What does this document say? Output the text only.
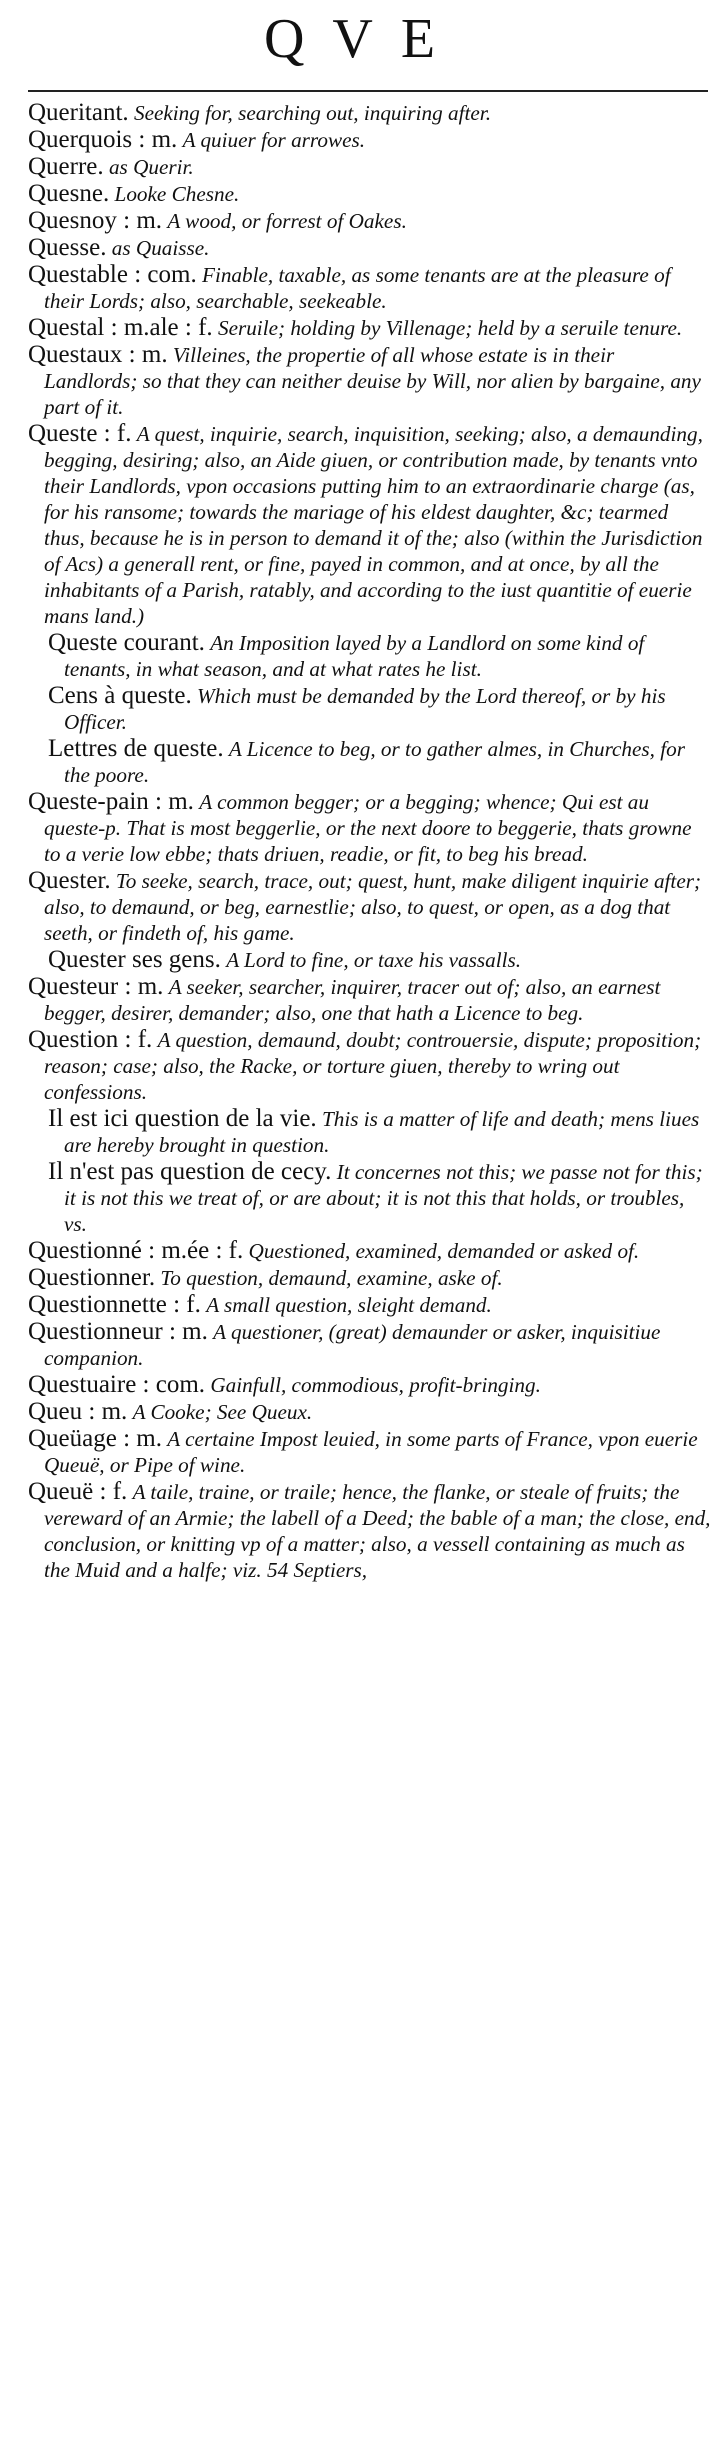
QVE

Queritant. Seeking for, searching out, inquiring after.

Querquois : m. A quiuer for arrowes.

Querre. as Querir.

Quesne. Looke Chesne.

Quesnoy : m. A wood, or forrest of Oakes.

Quesse. as Quaisse.

Questable : com. Finable, taxable, as some tenants are at the pleasure of their Lords; also, searchable, seekeable.

Questal : m.ale : f. Seruile; holding by Villenage; held by a seruile tenure.

Questaux : m. Villeines, the propertie of all whose estate is in their Landlords; so that they can neither deuise by Will, nor alien by bargaine, any part of it.

Queste : f. A quest, inquirie, search, inquisition, seeking; also, a demaunding, begging, desiring; also, an Aide giuen, or contribution made, by tenants vnto their Landlords, vpon occasions putting him to an extraordinarie charge (as, for his ransome; towards the mariage of his eldest daughter, &c; tearmed thus, because he is in person to demand it of the; also (within the Jurisdiction of Acs) a generall rent, or fine, payed in common, and at once, by all the inhabitants of a Parish, ratably, and according to the iust quantitie of euerie mans land.)

Queste courant. An Imposition layed by a Landlord on some kind of tenants, in what season, and at what rates he list.

Cens à queste. Which must be demanded by the Lord thereof, or by his Officer.

Lettres de queste. A Licence to beg, or to gather almes, in Churches, for the poore.

Queste-pain : m. A common begger; or a begging; whence; Qui est au queste-p. That is most beggerlie, or the next doore to beggerie, thats growne to a verie low ebbe; thats driuen, readie, or fit, to beg his bread.

Quester. To seeke, search, trace, out; quest, hunt, make diligent inquirie after; also, to demaund, or beg, earnestlie; also, to quest, or open, as a dog that seeth, or findeth of, his game.

Quester ses gens. A Lord to fine, or taxe his vassalls.

Questeur : m. A seeker, searcher, inquirer, tracer out of; also, an earnest begger, desirer, demander; also, one that hath a Licence to beg.

Question : f. A question, demaund, doubt; controuersie, dispute; proposition; reason; case; also, the Racke, or torture giuen, thereby to wring out confessions.

Il est ici question de la vie. This is a matter of life and death; mens liues are hereby brought in question.

Il n'est pas question de cecy. It concernes not this; we passe not for this; it is not this we treat of, or are about; it is not this that holds, or troubles, vs.

Questionné : m.ée : f. Questioned, examined, demanded or asked of.

Questionner. To question, demaund, examine, aske of.

Questionnette : f. A small question, sleight demand.

Questionneur : m. A questioner, (great) demaunder or asker, inquisitiue companion.

Questuaire : com. Gainfull, commodious, profit-bringing.

Queu : m. A Cooke; See Queux.

Queüage : m. A certaine Impost leuied, in some parts of France, vpon euerie Queuë, or Pipe of wine.

Queuë : f. A taile, traine, or traile; hence, the flanke, or steale of fruits; the vereward of an Armie; the labell of a Deed; the bable of a man; the close, end, conclusion, or knitting vp of a matter; also, a vessell containing as much as the Muid and a halfe; viz. 54 Septiers,
